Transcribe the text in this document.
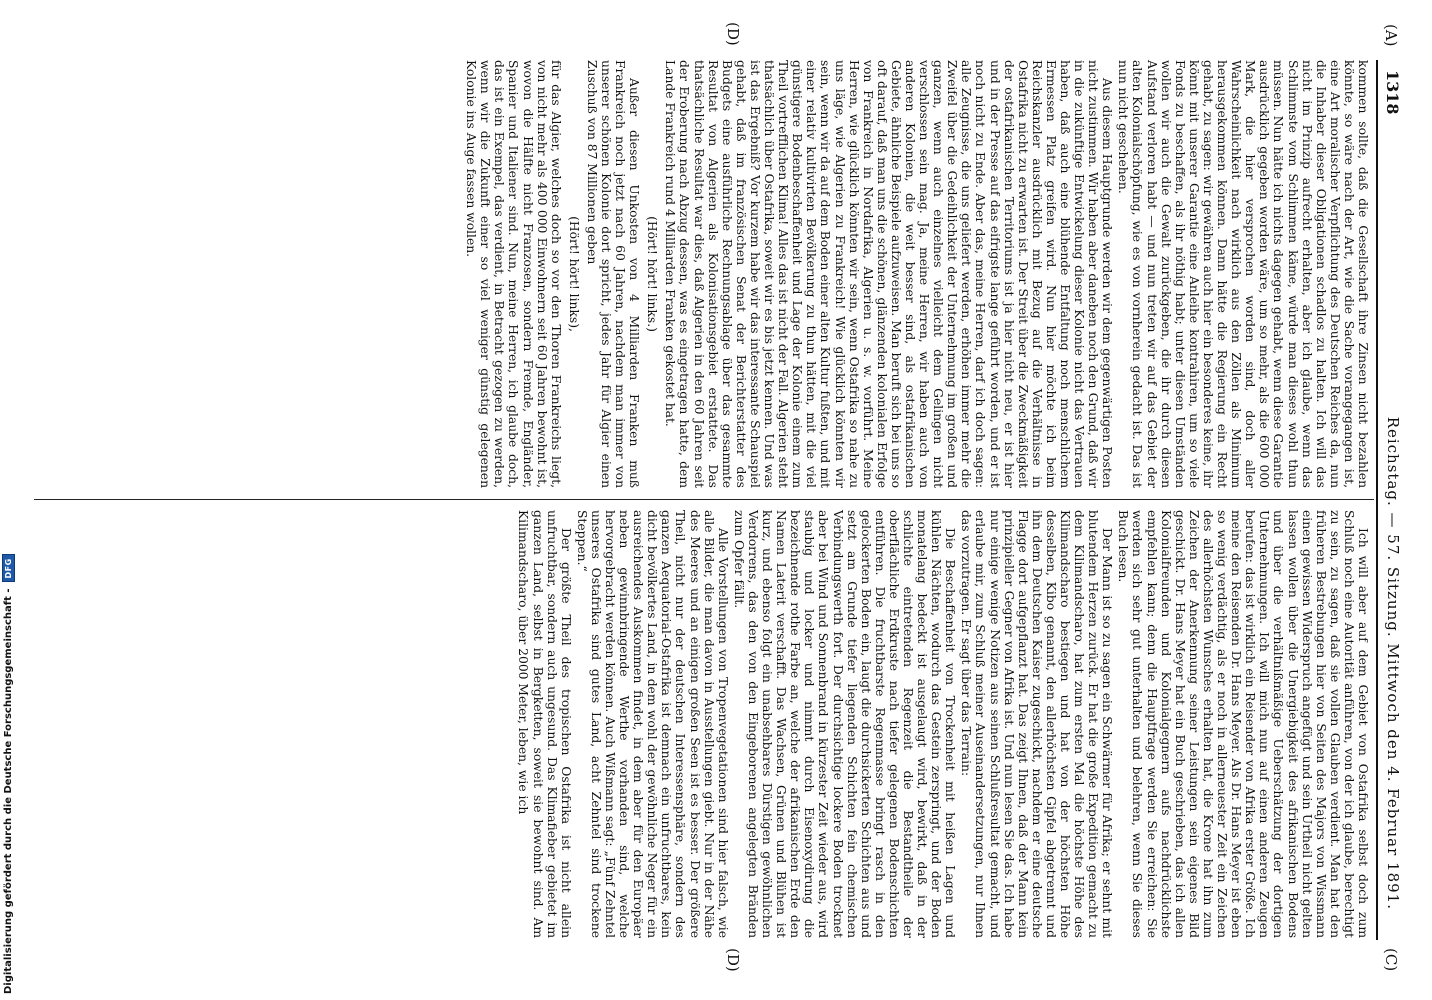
(A)
(C)
(D)
(D)
1318
Reichstag. — 57. Sitzung. Mittwoch den 4. Februar 1891.

kommen sollte, daß die Gesellschaft ihre Zinsen nicht bezahlen könnte, so wäre nach der Art, wie die Sache vorangegangen ist, eine Art moralischer Verpflichtung des Deutschen Reiches da, nun die Inhaber dieser Obligationen schadlos zu halten. Ich will das nicht im Prinzip aufrecht erhalten, aber ich glaube, wenn das Schlimmste vom Schlimmen käme, würde man dieses wohl thun müssen. Nun hätte ich nichts dagegen gehabt, wenn diese Garantie ausdrücklich gegeben worden wäre, um so mehr, als die 600 000 Mark, die hier versprochen worden sind, doch aller Wahrscheinlichkeit nach wirklich aus den Zöllen als Minimum herausgekommen können. Dann hätte die Regierung ein Recht gehabt, zu sagen: wir gewähren auch hier ein besonderes keine, ihr könnt mit unserer Garantie eine Anleihe kontrahiren, um so viele Fonds zu beschaffen, als ihr nöthig habt; unter diesen Umständen wollen wir auch die Gewalt zurückgeben, die ihr durch diesen Aufstand verloren habt — und nun treten wir auf das Gebiet der alten Kolonialschöpfung, wie es von vornherein gedacht ist. Das ist nun nicht geschehen.

Aus diesem Hauptgrunde werden wir dem gegenwärtigen Posten nicht zustimmen. Wir haben aber daneben noch den Grund, daß wir in die zukünftige Entwickelung dieser Kolonie nicht das Vertrauen haben, daß auch eine blühende Entfaltung noch menschlichem Ermessen Platz greifen wird. Nun hier möchte ich beim Reichskanzler ausdrücklich mit Bezug auf die Verhältnisse in Ostafrika nicht zu erwarten ist. Der Streit über die Zweckmäßigkeit der ostafrikanischen Territoriums ist ja hier nicht neu, er ist hier und in der Presse auf das eifrigste lange geführt worden, und er ist noch nicht zu Ende. Aber das, meine Herren, darf ich doch sagen: alle Zeugnisse, die uns geliefert werden, erhöhen immer mehr die Zweifel über die Gedeihlichkeit der Unternehmung im großen und ganzen, wenn auch einzelnes vielleicht dem Gelingen nicht verschlossen sein mag. Ja, meine Herren, wir haben auch von anderen Kolonien, die weit besser sind, als ostafrikanischen Gebiete, ähnliche Beispiele aufzuweisen. Man beruft sich bei uns so oft darauf, daß man uns die schönen, glänzenden kolonialen Erfolge von Frankreich in Nordafrika, Algerien u. s. w. vorführt. Meine Herren, wie glücklich könnten wir sein, wenn Ostafrika so nahe zu uns läge, wie Algerien zu Frankreich! Wie glücklich könnten wir sein, wenn wir da auf dem Boden einer alten Kultur fußten, und mit einer relativ kultivirten Bevölkerung zu thun hätten, mit die viel günstigere Bodenbeschaffenheit und Lage der Kolonie einem zum Theil vortrefflichen Klima! Alles das ist nicht der Fall. Algerien steht thatsächlich über Ostafrika, soweit wir es bis jetzt kennen. Und was ist das Ergebniß? Vor kurzem habe wir das interessante Schauspiel gehabt, daß im französischen Senat der Berichterstatter des Budgets eine ausführliche Rechnungsablage über das gesammte Resultat von Algerien als Kolonisationsgebiet erstattete. Das thatsächliche Resultat war dies, daß Algerien in den 60 Jahren seit der Eroberung nach Abzug dessen, was es eingetragen hatte, dem Lande Frankreich rund 4 Milliarden Franken gekostet hat.

(Hört! hört! links.)

Außer diesen Unkosten von 4 Milliarden Franken muß Frankreich noch jetzt nach 60 Jahren, nachdem man immer von unserer schönen Kolonie dort spricht, jedes Jahr für Algier einen Zuschuß von 87 Millionen geben

(Hört! hört! links),

für das Algier, welches doch so vor den Thoren Frankreichs liegt, von nicht mehr als 400 000 Einwohnern seit 60 Jahren bewohnt ist, wovon die Hälfte nicht Franzosen, sondern Fremde, Engländer, Spanier und Italiener sind. Nun, meine Herren, ich glaube doch, das ist ein Exempel, das verdient, in Betracht gezogen zu werden, wenn wir die Zukunft einer so viel weniger günstig gelegenen Kolonie ins Auge fassen wollen.

Ich will aber auf dem Gebiet von Ostafrika selbst doch zum Schluß noch eine Autorität anführen, von der ich glaube, berechtigt zu sein, zu sagen, daß sie vollen Glauben verdient. Man hat den früheren Bestrebungen hier von Seiten des Majors von Wissmann einen gewissen Widerspruch angefügt und sein Urtheil nicht gelten lassen wollen über die Unergiebigkeit des afrikanischen Bodens und über die verhältnißmäßige Ueberschätzung der dortigen Unternehmungen. Ich will mich nun auf einen anderen Zeugen berufen: das ist wirklich ein Reisender von Afrika erster Größe. Ich meine den Reisenden Dr. Hans Meyer. Als Dr. Hans Meyer ist eben so wenig verdächtig, als er noch in allerneuester Zeit ein Zeichen des allerhöchsten Wunsches erhalten hat, die Krone hat ihn zum Zeichen der Anerkennung seiner Leistungen sein eigenes Bild geschickt. Dr. Hans Meyer hat ein Buch geschrieben, das ich allen Kolonialfreunden und Kolonialgegnern aufs nachdrücklichste empfehlen kann; denn die Hauptfrage werden Sie erreichen: Sie werden sich sehr gut unterhalten und belehren, wenn Sie dieses Buch lesen.

Der Mann ist so zu sagen ein Schwärmer für Afrika; er sehnt mit blutendem Herzen zurück. Er hat die große Expedition gemacht zu dem Kilimandscharo, hat zum ersten Mal die höchste Höhe des Kilimandscharo bestiegen und hat von der höchsten Höhe desselben, Kibo genannt, den allerhöchsten Gipfel abgetrennt und ihn dem Deutschen Kaiser zugeschickt, nachdem er eine deutsche Flagge dort aufgepflanzt hat. Das zeigt Ihnen, daß der Mann kein prinzipieller Gegner von Afrika ist. Und nun lesen Sie das. Ich habe nur einige wenige Notizen aus seinen Schlußresultat gemacht, und erlaube mir, zum Schluß meiner Auseinandersetzungen, nur Ihnen das vorzutragen. Er sagt über das Terrain:

Die Beschaffenheit von Trockenheit mit heißen Lagen und kühlen Nächten, wodurch das Gestein zerspringt, und der Boden monatelang bedeckt ist ausgelaugt wird, bewirkt, daß in der schlichte eintretenden Regenzeit die Bestandtheile der oberflächliche Erdkruste nach tiefer gelegenen Bodenschichten entführen. Die fruchtbarste Regenmasse bringt rasch in den gelockerten Boden ein, laugt die durchsickerten Schichten aus und setzt am Grunde tiefer liegenden Schichten fein chemischen Verbindungswerth fort. Der durchsichtige lockere Boden trocknet aber bei Wind und Sonnenbrand in kürzester Zeit wieder aus, wird staubig und locker und nimmt durch Eisenoxydirung die bezeichnende rothe Farbe an, welche der afrikanischen Erde den Namen Laterit verschafft. Das Wachsen, Grünen und Blühen ist kurz, und ebenso folgt ein unabsehbares Dürstigen gewöhnlichen Verdorrens, das den von den Eingeborenen angelegten Bränden zum Opfer fällt.

Alle Vorstellungen von Tropenvegetationen sind hier falsch, wie alle Bilder, die man davon in Ausstellungen giebt. Nur in der Nähe des Meeres und an einigen großen Seen ist es besser. Der größere Theil, nicht nur der deutschen Interessensphäre, sondern des ganzen Aequatorial-Ostafrika ist demnach ein unfruchtbares, kein dicht bevölkertes Land, in dem wohl der gewöhnliche Neger für ein ausreichendes Auskommen findet, in dem aber für den Europäer neben gewinnbringende Werthe vorhanden sind, welche hervorgebracht werden können. Auch Wißmann sagt: „Fünf Zehntel unseres Ostafrika sind gutes Land, acht Zehntel sind trockene Steppen.“

Der größte Theil des tropischen Ostafrika ist nicht allein unfruchtbar, sondern auch ungesund. Das Klimafieber gebietet im ganzen Land, selbst in Bergketten, soweit sie bewohnt sind. Am Kilimandscharo, über 2000 Meter, leben, wie ich

Digitalisierung gefördert durch die Deutsche Forschungsgemeinschaft -
DFG
